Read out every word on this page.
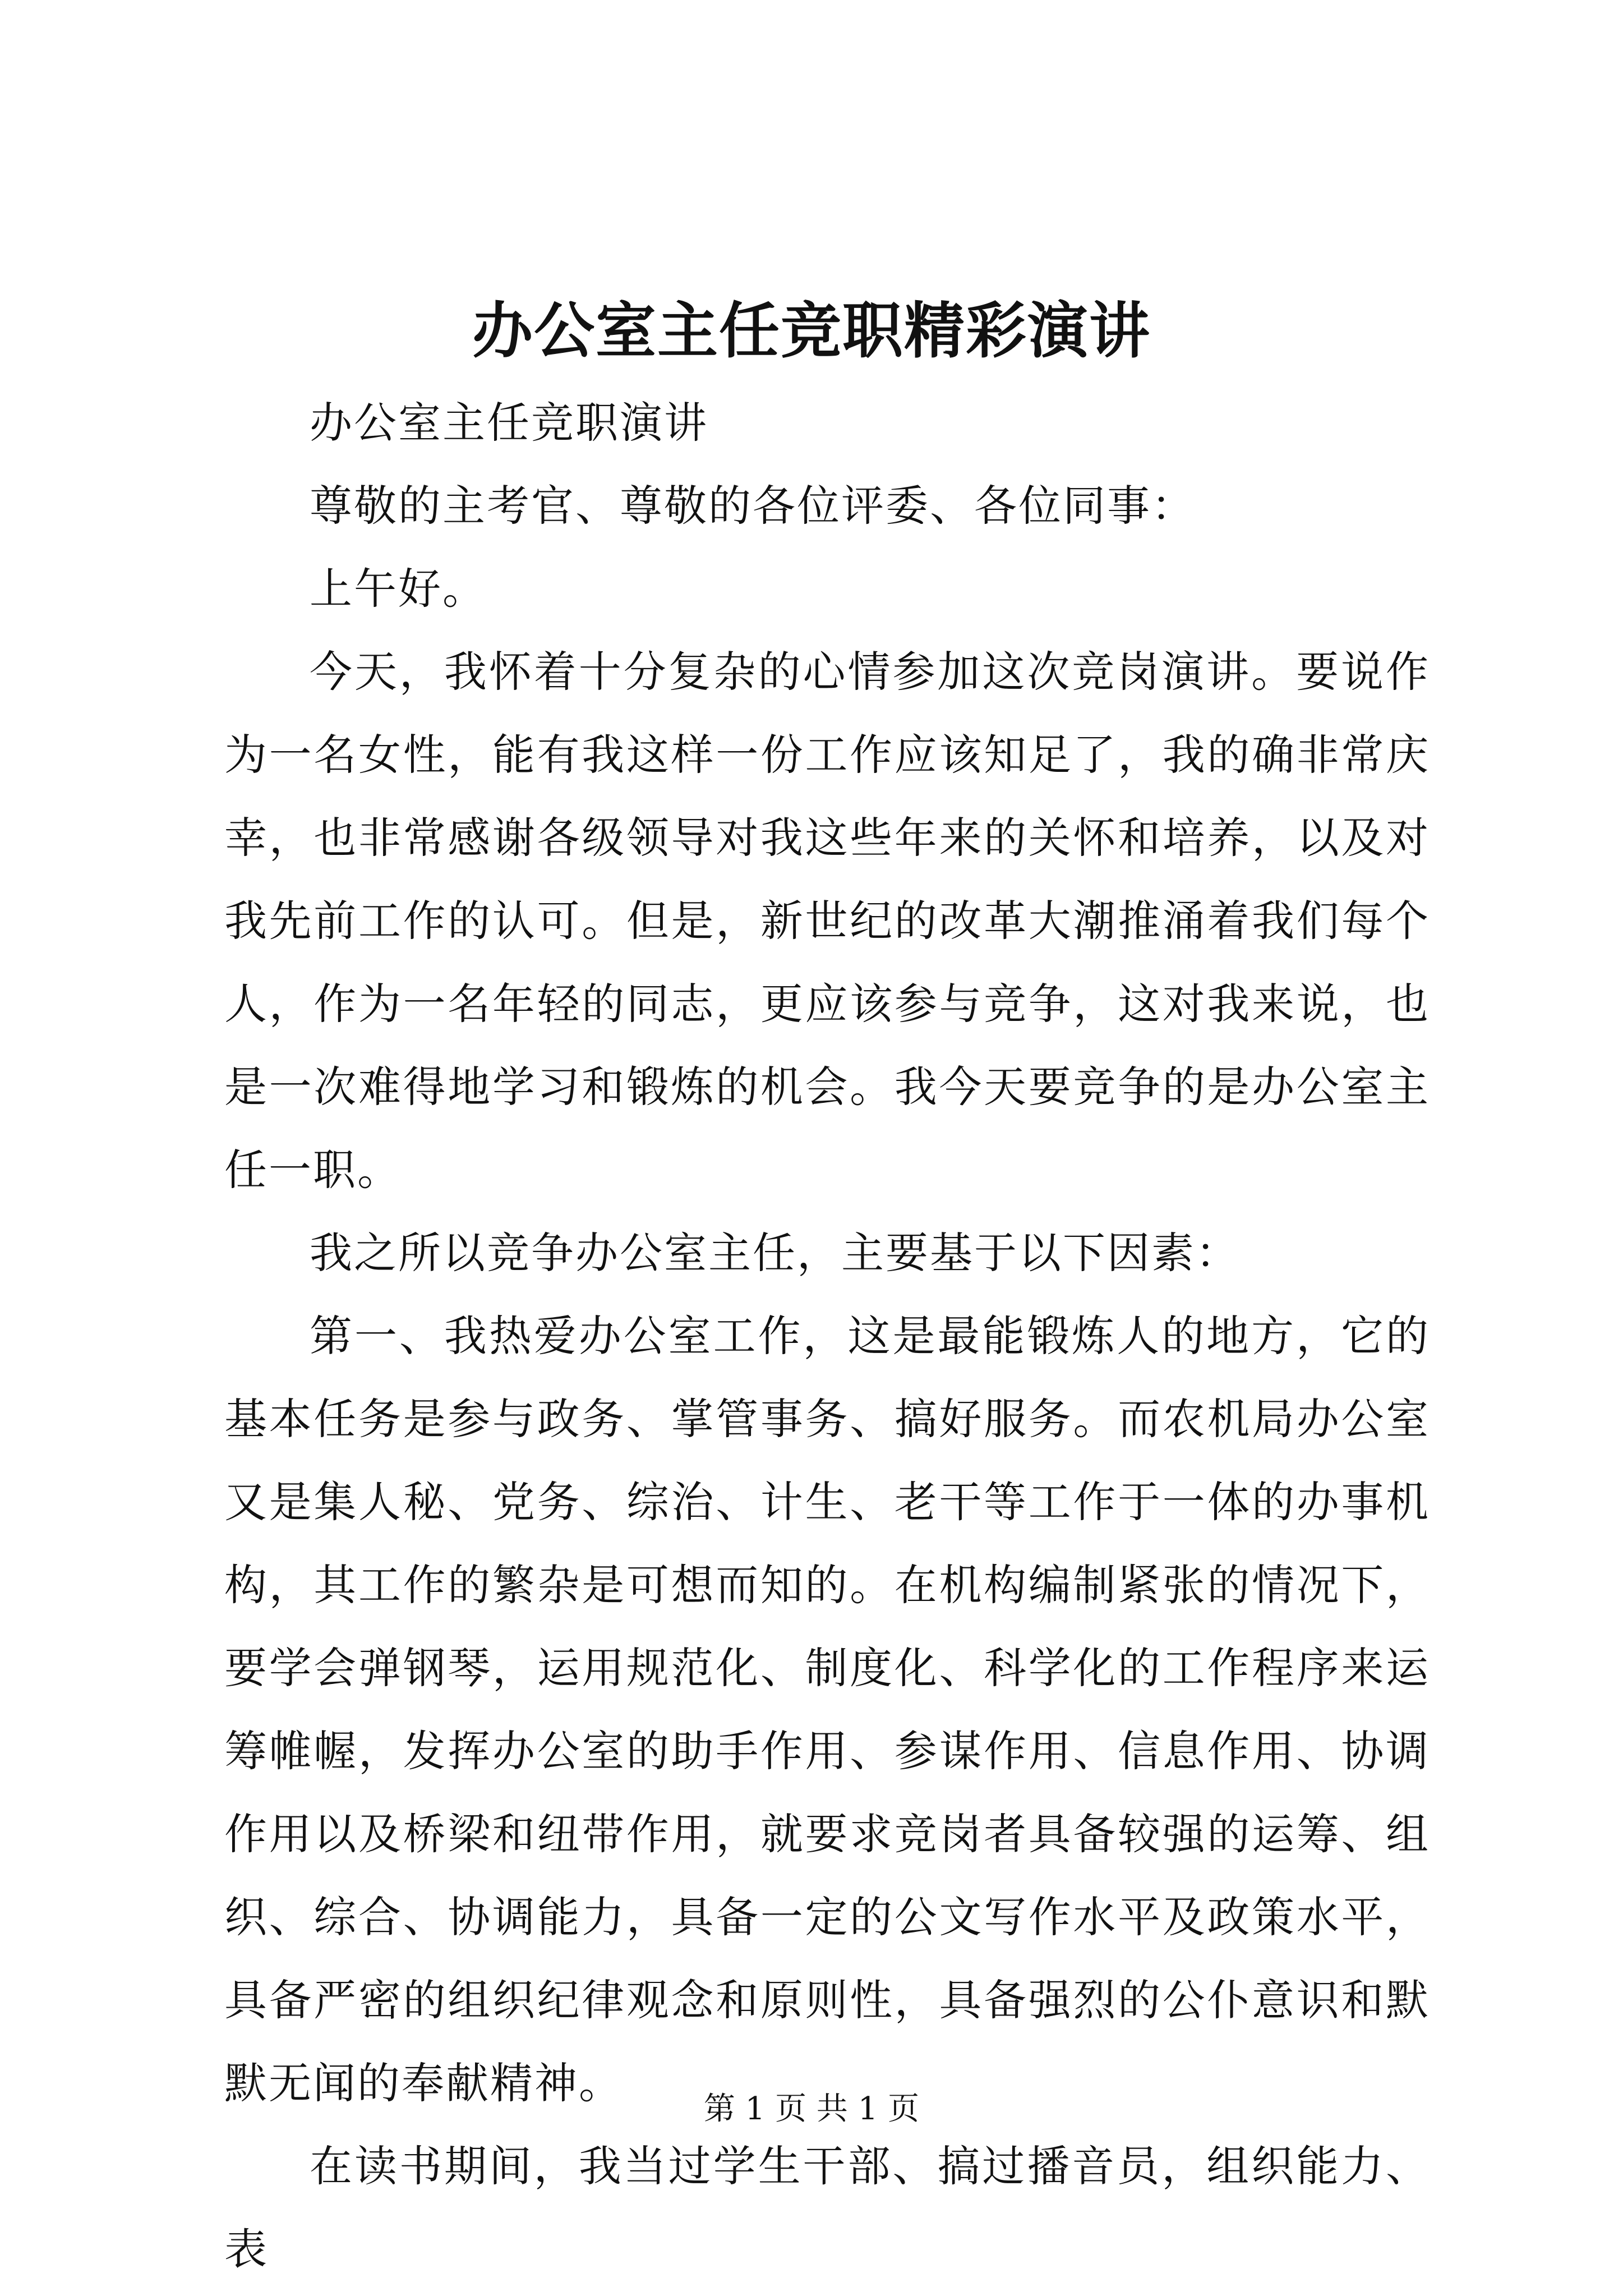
办公室主任竞职精彩演讲

办公室主任竞职演讲

尊敬的主考官、尊敬的各位评委、各位同事：

上午好。

今天，我怀着十分复杂的心情参加这次竞岗演讲。要说作为一名女性，能有我这样一份工作应该知足了，我的确非常庆幸，也非常感谢各级领导对我这些年来的关怀和培养，以及对我先前工作的认可。但是，新世纪的改革大潮推涌着我们每个人，作为一名年轻的同志，更应该参与竞争，这对我来说，也是一次难得地学习和锻炼的机会。我今天要竞争的是办公室主任一职。

我之所以竞争办公室主任，主要基于以下因素：

第一、我热爱办公室工作，这是最能锻炼人的地方，它的基本任务是参与政务、掌管事务、搞好服务。而农机局办公室又是集人秘、党务、综治、计生、老干等工作于一体的办事机构，其工作的繁杂是可想而知的。在机构编制紧张的情况下，要学会弹钢琴，运用规范化、制度化、科学化的工作程序来运筹帷幄，发挥办公室的助手作用、参谋作用、信息作用、协调作用以及桥梁和纽带作用，就要求竞岗者具备较强的运筹、组织、综合、协调能力，具备一定的公文写作水平及政策水平，具备严密的组织纪律观念和原则性，具备强烈的公仆意识和默默无闻的奉献精神。

在读书期间，我当过学生干部、搞过播音员，组织能力、表

第 1 页 共 1 页
